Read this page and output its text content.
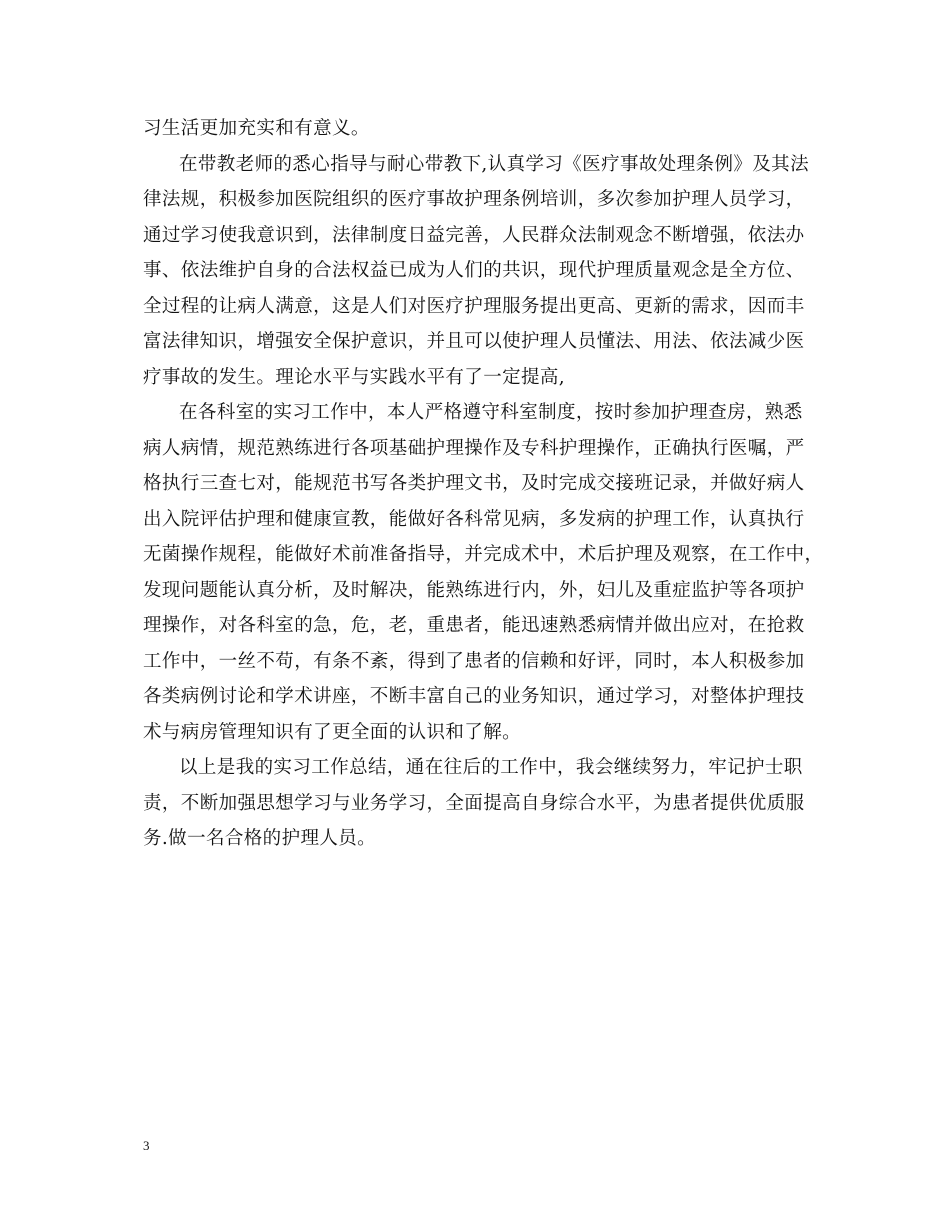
习生活更加充实和有意义。
在带教老师的悉心指导与耐心带教下,认真学习《医疗事故处理条例》及其法
律法规，积极参加医院组织的医疗事故护理条例培训，多次参加护理人员学习，
通过学习使我意识到，法律制度日益完善，人民群众法制观念不断增强，依法办
事、依法维护自身的合法权益已成为人们的共识，现代护理质量观念是全方位、
全过程的让病人满意，这是人们对医疗护理服务提出更高、更新的需求，因而丰
富法律知识，增强安全保护意识，并且可以使护理人员懂法、用法、依法减少医
疗事故的发生。理论水平与实践水平有了一定提高,
在各科室的实习工作中，本人严格遵守科室制度，按时参加护理查房，熟悉
病人病情，规范熟练进行各项基础护理操作及专科护理操作，正确执行医嘱，严
格执行三查七对，能规范书写各类护理文书，及时完成交接班记录，并做好病人
出入院评估护理和健康宣教，能做好各科常见病，多发病的护理工作，认真执行
无菌操作规程，能做好术前准备指导，并完成术中，术后护理及观察，在工作中，
发现问题能认真分析，及时解决，能熟练进行内，外，妇儿及重症监护等各项护
理操作，对各科室的急，危，老，重患者，能迅速熟悉病情并做出应对，在抢救
工作中，一丝不苟，有条不紊，得到了患者的信赖和好评，同时，本人积极参加
各类病例讨论和学术讲座，不断丰富自己的业务知识，通过学习，对整体护理技
术与病房管理知识有了更全面的认识和了解。
以上是我的实习工作总结，通在往后的工作中，我会继续努力，牢记护士职
责，不断加强思想学习与业务学习，全面提高自身综合水平，为患者提供优质服
务.做一名合格的护理人员。
3
